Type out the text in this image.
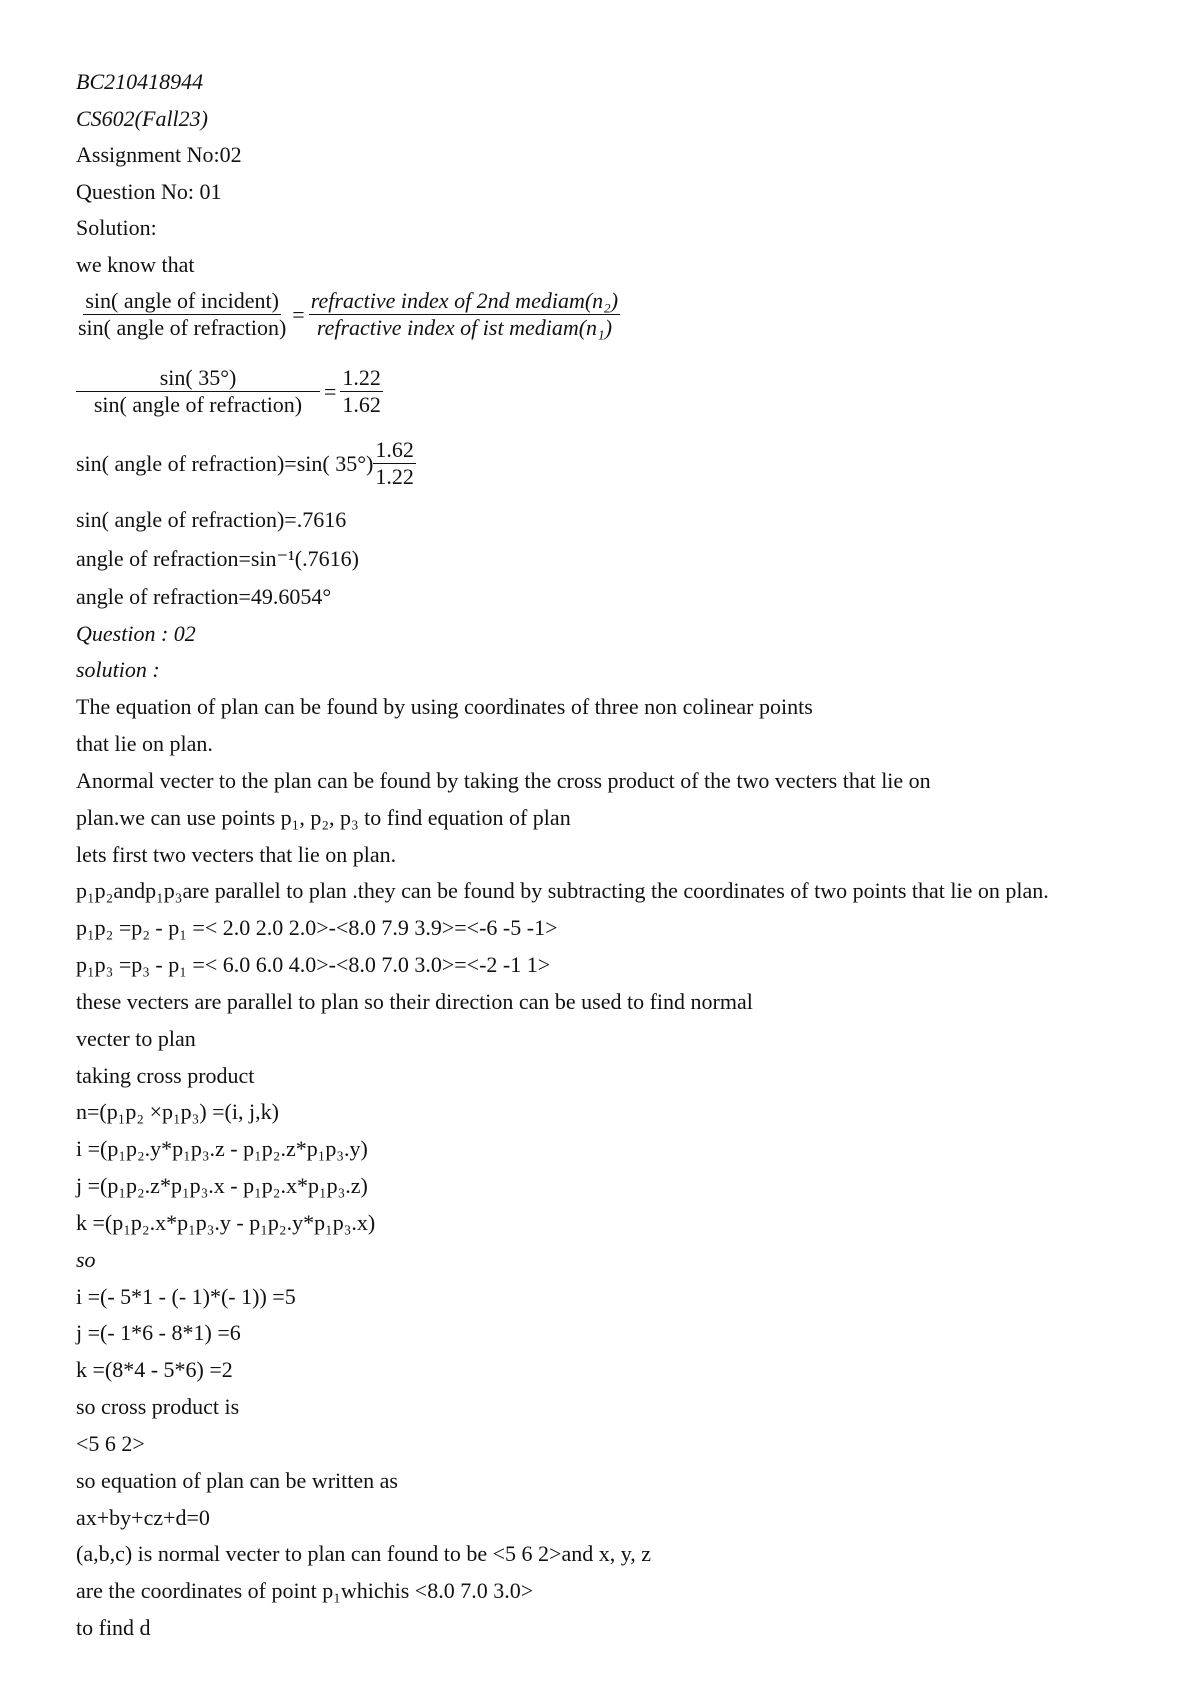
BC210418944
CS602(Fall23)
Assignment No:02
Question No: 01
Solution:
we know that
$\frac{\text{sin( angle of incident)}}{\text{sin( angle of refraction)}} = \frac{\text{refractive index of 2nd mediam(n₂)}}{\text{refractive index of ist mediam(n₁)}}$
$\frac{\sin( 35^\circ)}{\text{sin( angle of refraction)}} = \frac{1.22}{1.62}$
sin( angle of refraction)=sin( $35^\circ) \frac{1.62}{1.22}$
sin( angle of refraction)=.7616
angle of refraction=sin⁻¹(.7616)
angle of refraction=49.6054°
Question : 02
solution :
The equation of plan can be found by using coordinates of three non colinear points
that lie on plan.
Anormal vecter to the plan can be found by taking the cross product of the two vecters that lie on
plan.we can use points p₁, p₂, p₃ to find equation of plan
lets first two vecters that lie on plan.
p₁p₂andp₁p₃are parallel to plan .they can be found by subtracting the coordinates of two points that lie on plan.
p₁p₂ =p₂ - p₁ =< 2.0 2.0 2.0>-<8.0 7.9 3.9>=<-6 -5 -1>
p₁p₃ =p₃ - p₁ =< 6.0 6.0 4.0>-<8.0 7.0 3.0>=<-2 -1 1>
these vecters are parallel to plan so their direction can be used to find normal
vecter to plan
taking cross product
n=(p₁p₂ ×p₁p₃) =(i, j,k)
i =(p₁p₂.y*p₁p₃.z - p₁p₂.z*p₁p₃.y)
j =(p₁p₂.z*p₁p₃.x - p₁p₂.x*p₁p₃.z)
k =(p₁p₂.x*p₁p₃.y - p₁p₂.y*p₁p₃.x)
so
i =(- 5*1 - (- 1)*(- 1)) =5
j =(- 1*6 - 8*1) =6
k =(8*4 - 5*6) =2
so cross product is
<5 6 2>
so equation of plan can be written as
ax+by+cz+d=0
(a,b,c) is normal vecter to plan can found to be <5 6 2>and x, y, z
are the coordinates of point p₁whichis <8.0 7.0 3.0>
to find d
